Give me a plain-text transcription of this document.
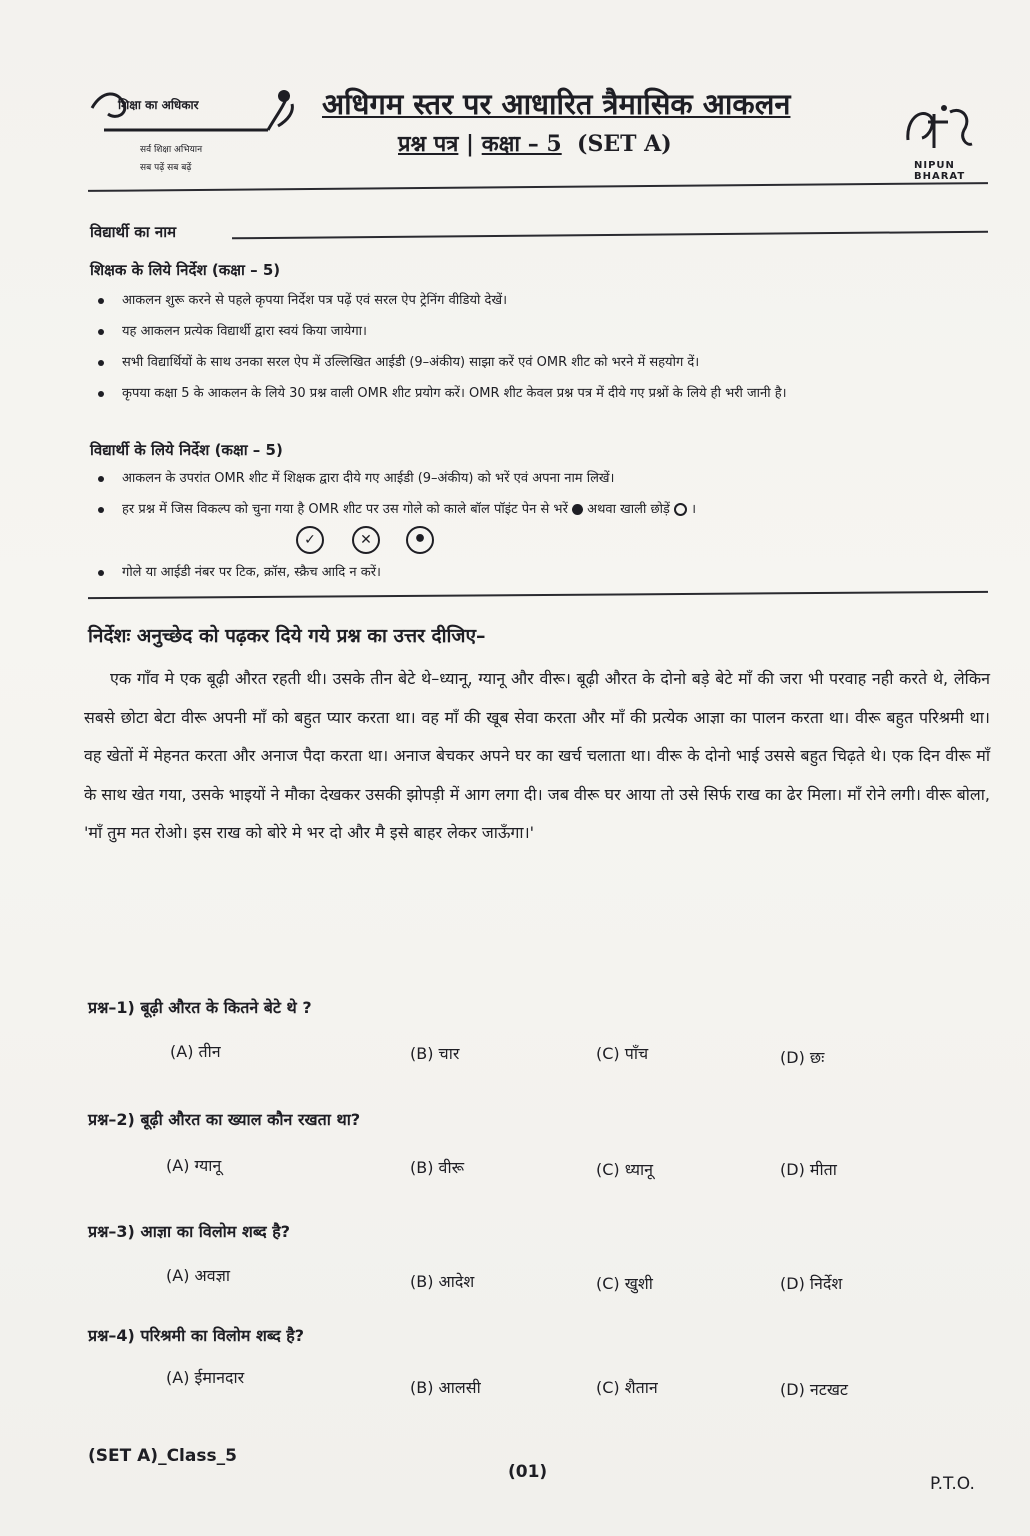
शिक्षा का अधिकार
सर्व शिक्षा अभियान
सब पढ़ें सब बढ़ें
अधिगम स्तर पर आधारित त्रैमासिक आकलन
प्रश्न पत्र | कक्षा – 5 (SET A)
NIPUN BHARAT
विद्यार्थी का नाम
शिक्षक के लिये निर्देश (कक्षा – 5)
आकलन शुरू करने से पहले कृपया निर्देश पत्र पढ़ें एवं सरल ऐप ट्रेनिंग वीडियो देखें।
यह आकलन प्रत्येक विद्यार्थी द्वारा स्वयं किया जायेगा।
सभी विद्यार्थियों के साथ उनका सरल ऐप में उल्लिखित आईडी (9–अंकीय) साझा करें एवं OMR शीट को भरने में सहयोग दें।
कृपया कक्षा 5 के आकलन के लिये 30 प्रश्न वाली OMR शीट प्रयोग करें। OMR शीट केवल प्रश्न पत्र में दीये गए प्रश्नों के लिये ही भरी जानी है।
विद्यार्थी के लिये निर्देश (कक्षा – 5)
आकलन के उपरांत OMR शीट में शिक्षक द्वारा दीये गए आईडी (9–अंकीय) को भरें एवं अपना नाम लिखें।
हर प्रश्न में जिस विकल्प को चुना गया है OMR शीट पर उस गोले को काले बॉल पॉइंट पेन से भरें अथवा खाली छोड़ें ।
✓	✕	•
गोले या आईडी नंबर पर टिक, क्रॉस, स्क्रैच आदि न करें।
निर्देशः अनुच्छेद को पढ़कर दिये गये प्रश्न का उत्तर दीजिए–
एक गाँव मे एक बूढ़ी औरत रहती थी। उसके तीन बेटे थे–ध्यानू, ग्यानू और वीरू। बूढ़ी औरत के दोनो बड़े बेटे माँ की जरा भी परवाह नही करते थे, लेकिन सबसे छोटा बेटा वीरू अपनी माँ को बहुत प्यार करता था। वह माँ की खूब सेवा करता और माँ की प्रत्येक आज्ञा का पालन करता था। वीरू बहुत परिश्रमी था। वह खेतों में मेहनत करता और अनाज पैदा करता था। अनाज बेचकर अपने घर का खर्च चलाता था। वीरू के दोनो भाई उससे बहुत चिढ़ते थे। एक दिन वीरू माँ के साथ खेत गया, उसके भाइयों ने मौका देखकर उसकी झोपड़ी में आग लगा दी। जब वीरू घर आया तो उसे सिर्फ राख का ढेर मिला। माँ रोने लगी। वीरू बोला, 'माँ तुम मत रोओ। इस राख को बोरे मे भर दो और मै इसे बाहर लेकर जाऊँगा।'
प्रश्न–1) बूढ़ी औरत के कितने बेटे थे ?
(A) तीन	(B) चार	(C) पाँच	(D) छः
प्रश्न–2) बूढ़ी औरत का ख्याल कौन रखता था?
(A) ग्यानू	(B) वीरू	(C) ध्यानू	(D) मीता
प्रश्न–3) आज्ञा का विलोम शब्द है?
(A) अवज्ञा	(B) आदेश	(C) खुशी	(D) निर्देश
प्रश्न–4) परिश्रमी का विलोम शब्द है?
(A) ईमानदार
(B) आलसी	(C) शैतान	(D) नटखट
(SET A)_Class_5
(01)
P.T.O.
